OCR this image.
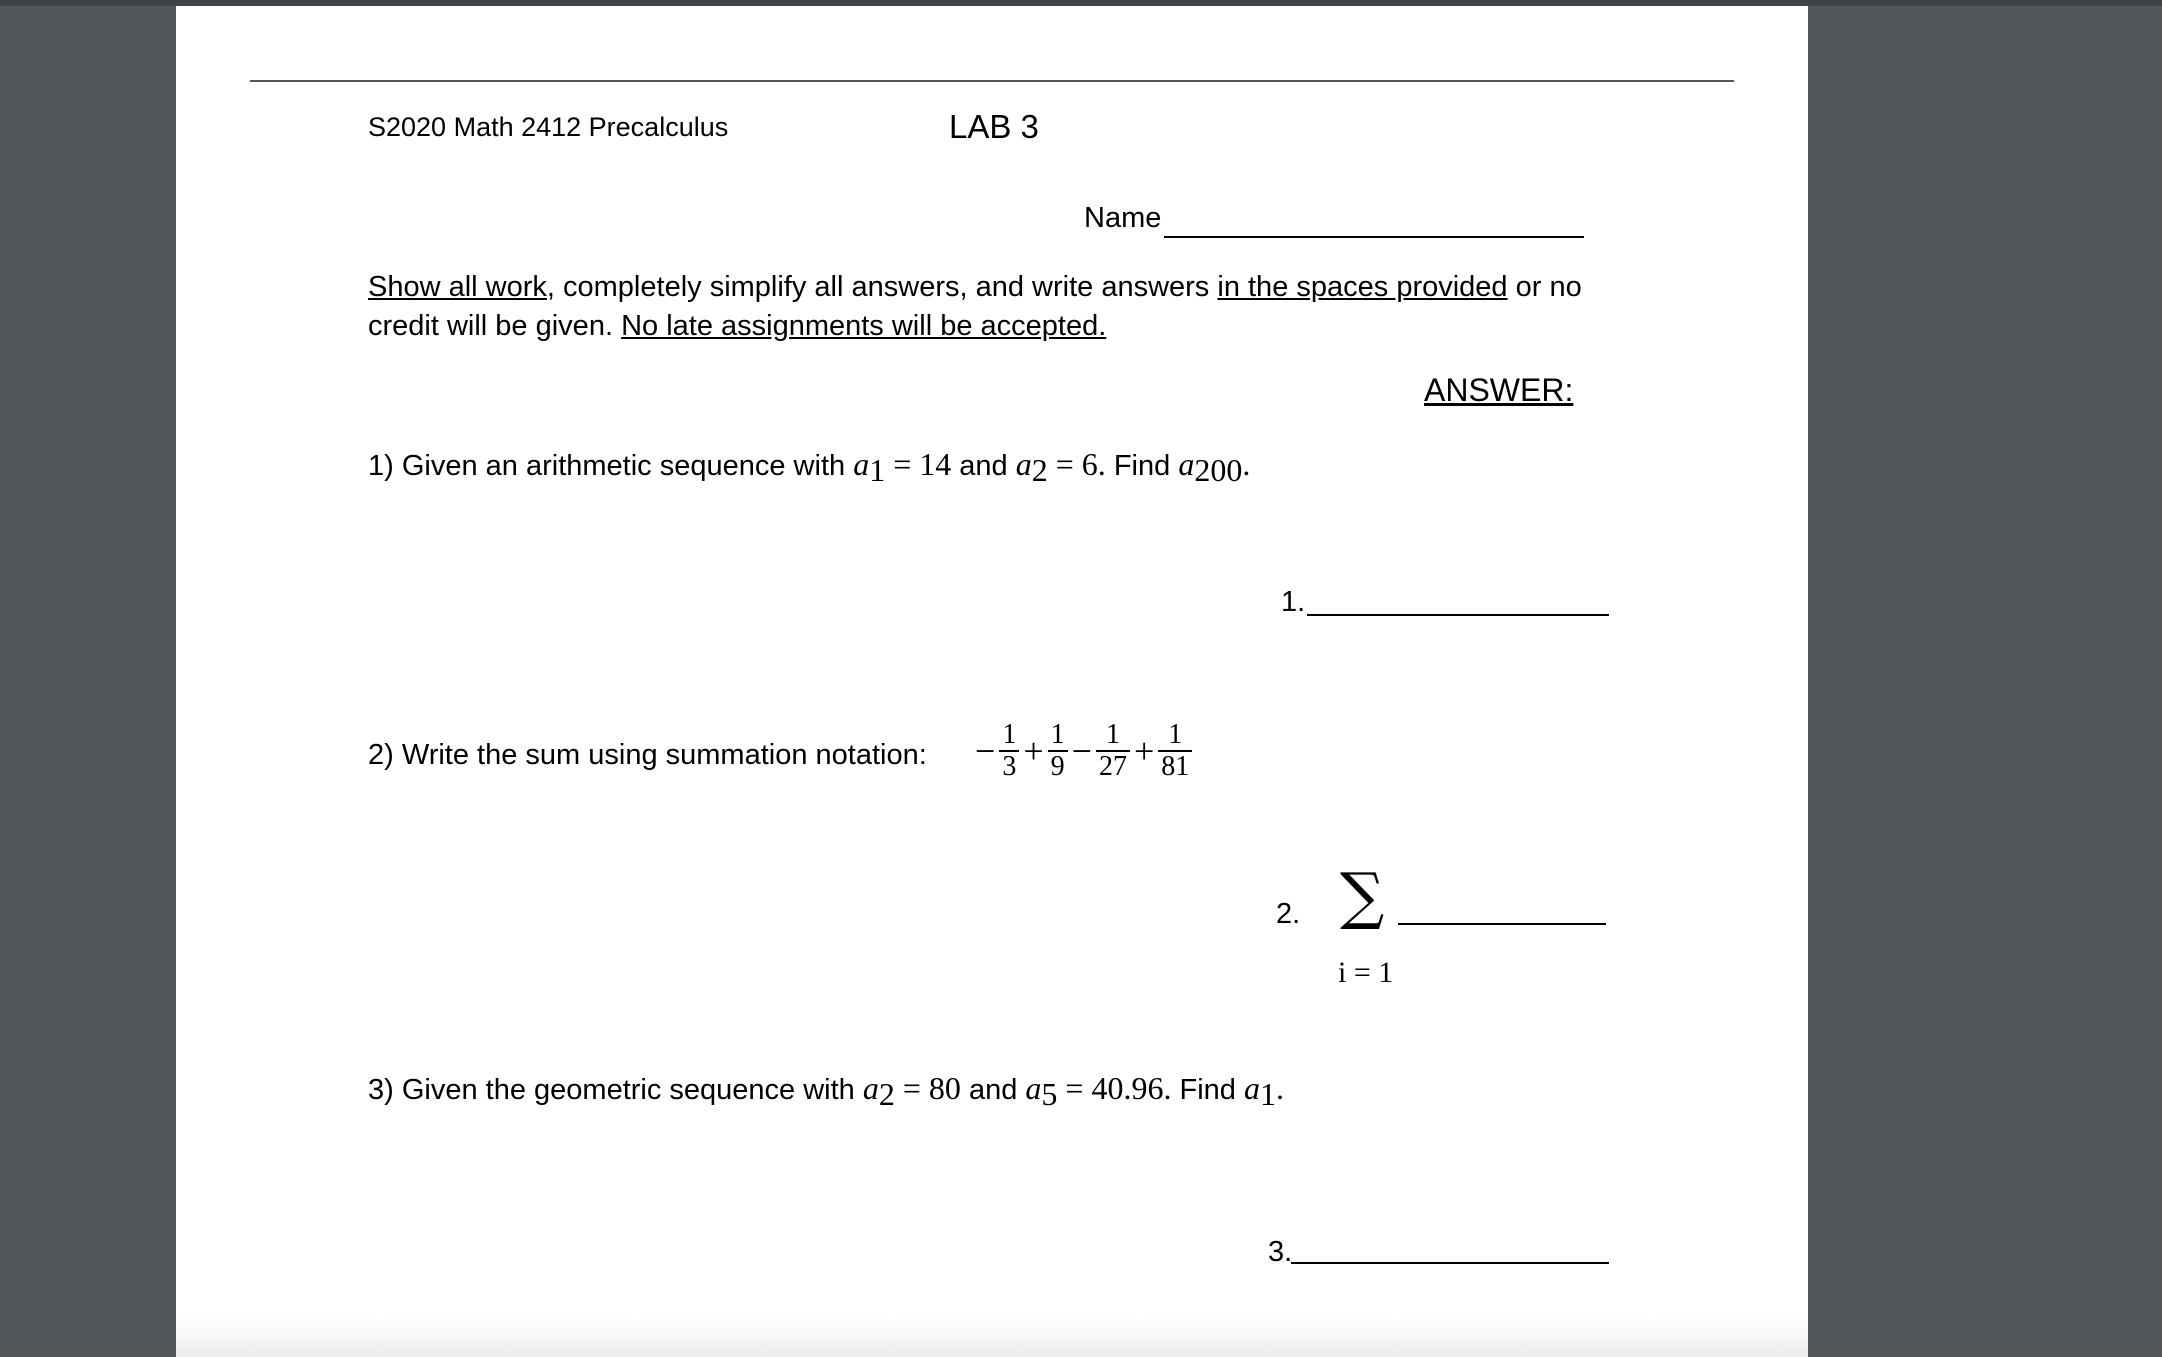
S2020 Math 2412 Precalculus	LAB 3
Name
Show all work, completely simplify all answers, and write answers in the spaces provided or no
credit will be given. No late assignments will be accepted.
ANSWER:
1) Given an arithmetic sequence with $a_1 = 14$ and $a_2 = 6$. Find $a_{200}$.
1.
2) Write the sum using summation notation: − $\frac{1}{3} + \frac{1}{9} - \frac{1}{27} + \frac{1}{81}$
2. ∑
i = 1
3) Given the geometric sequence with $a_2 = 80$ and $a_5 = 40.96$. Find $a_1$.
3.
